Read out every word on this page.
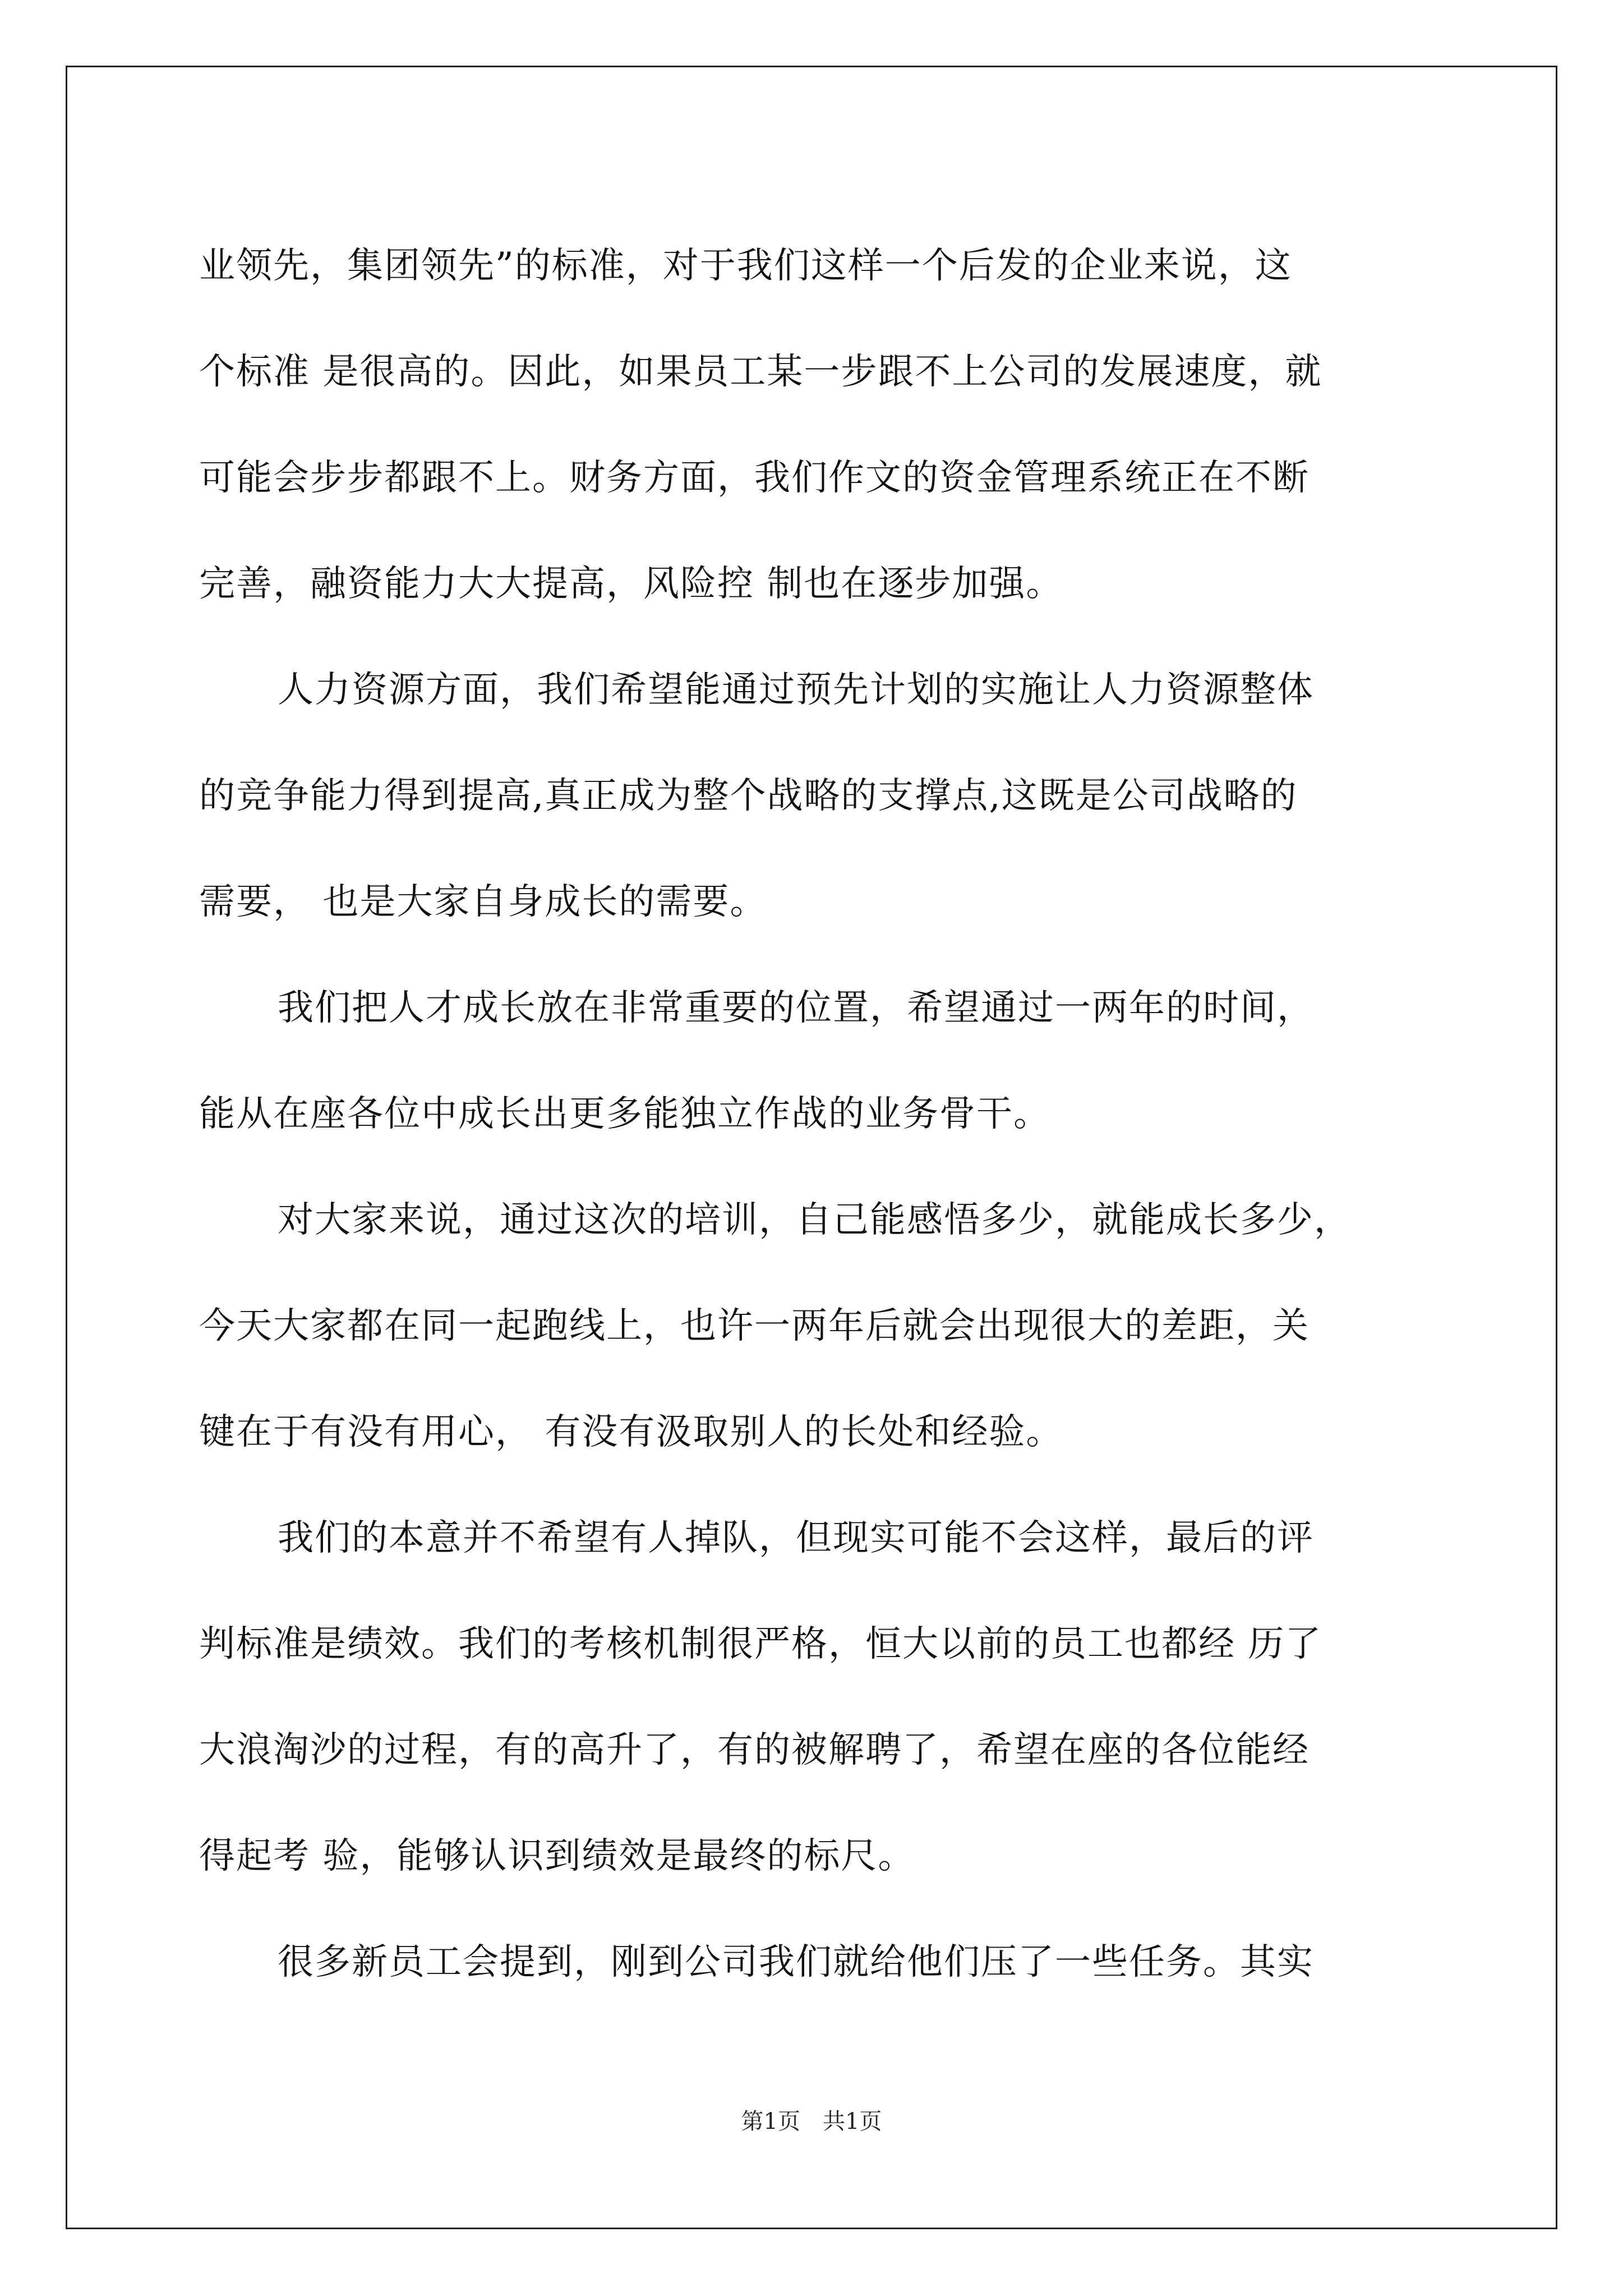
业领先，集团领先”的标准，对于我们这样一个后发的企业来说，这
个标准 是很高的。因此，如果员工某一步跟不上公司的发展速度，就
可能会步步都跟不上。财务方面，我们作文的资金管理系统正在不断
完善，融资能力大大提高，风险控 制也在逐步加强。
人力资源方面，我们希望能通过预先计划的实施让人力资源整体
的竞争能力得到提高,真正成为整个战略的支撑点,这既是公司战略的
需要， 也是大家自身成长的需要。
我们把人才成长放在非常重要的位置，希望通过一两年的时间，
能从在座各位中成长出更多能独立作战的业务骨干。
对大家来说，通过这次的培训，自己能感悟多少，就能成长多少，
今天大家都在同一起跑线上，也许一两年后就会出现很大的差距，关
键在于有没有用心， 有没有汲取别人的长处和经验。
我们的本意并不希望有人掉队，但现实可能不会这样，最后的评
判标准是绩效。我们的考核机制很严格，恒大以前的员工也都经 历了
大浪淘沙的过程，有的高升了，有的被解聘了，希望在座的各位能经
得起考 验，能够认识到绩效是最终的标尺。
很多新员工会提到，刚到公司我们就给他们压了一些任务。其实

第1页　共1页
